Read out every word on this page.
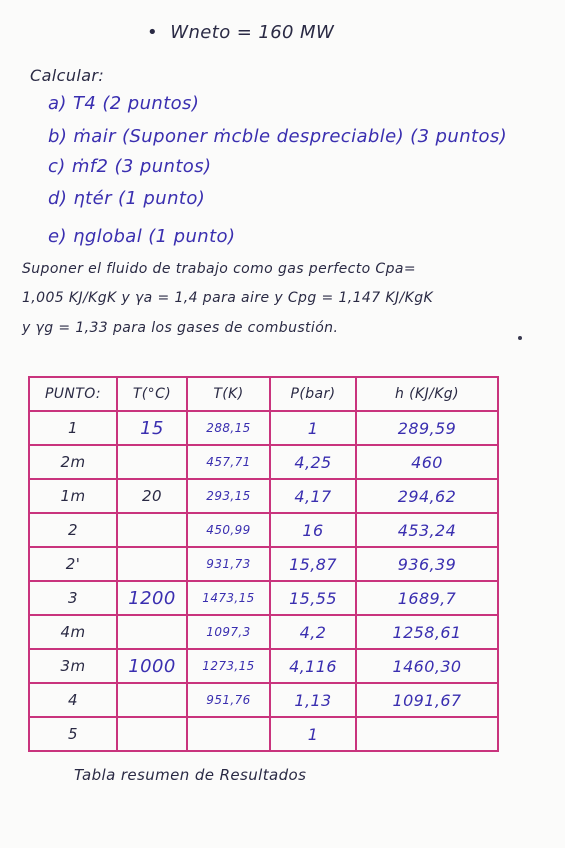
• Wneto = 160 MW
Calcular:
a) T4 (2 puntos)
b) ṁair (Suponer ṁcble despreciable) (3 puntos)
c) ṁf2 (3 puntos)
d) ηtér (1 punto)
e) ηglobal (1 punto)
Suponer el fluido de trabajo como gas perfecto Cpa=
1,005 KJ/KgK y γa = 1,4 para aire y Cpg = 1,147 KJ/KgK
y γg = 1,33 para los gases de combustión.
PUNTO:	T(°C)	T(K)	P(bar)	h (KJ/Kg)
1	15	288,15	1	289,59
2m		457,71	4,25	460
1m	20	293,15	4,17	294,62
2		450,99	16	453,24
2'		931,73	15,87	936,39
3	1200	1473,15	15,55	1689,7
4m		1097,3	4,2	1258,61
3m	1000	1273,15	4,116	1460,30
4		951,76	1,13	1091,67
5			1	
Tabla resumen de Resultados
